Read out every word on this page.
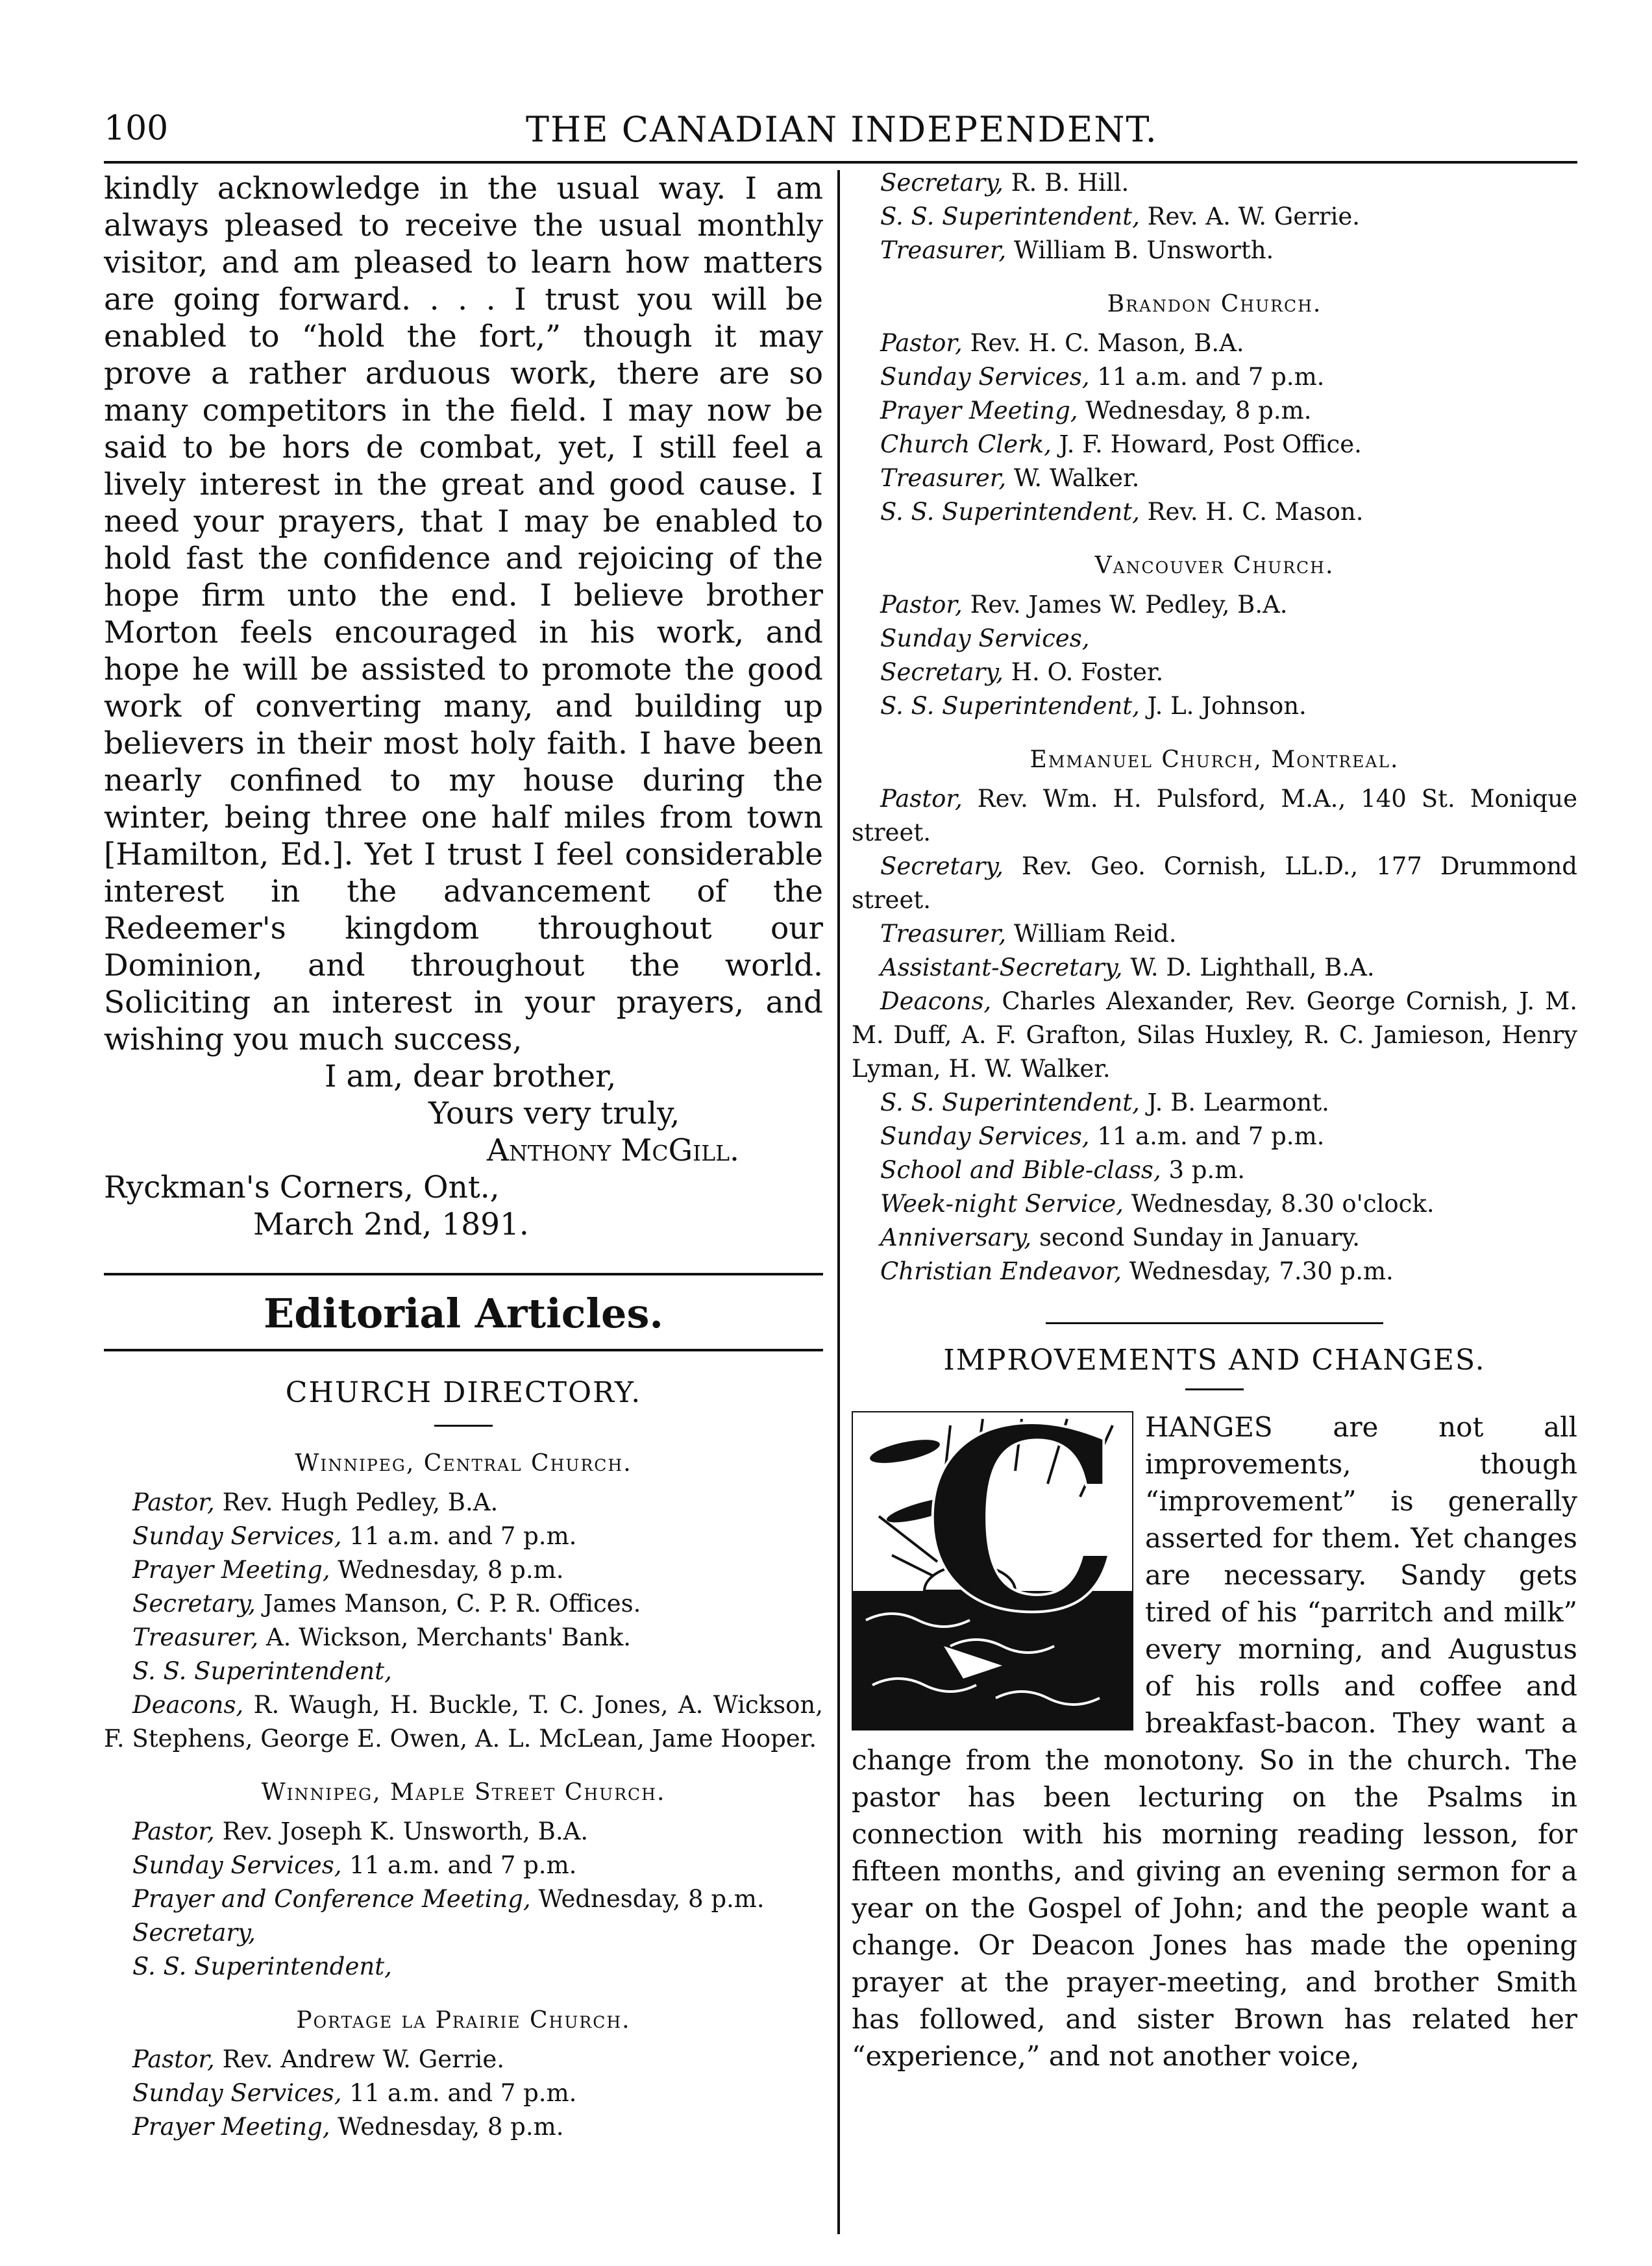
100	THE CANADIAN INDEPENDENT.

kindly acknowledge in the usual way. I am always pleased to receive the usual monthly visitor, and am pleased to learn how matters are going forward. . . . I trust you will be enabled to “hold the fort,” though it may prove a rather arduous work, there are so many competitors in the field. I may now be said to be hors de combat, yet, I still feel a lively interest in the great and good cause. I need your prayers, that I may be enabled to hold fast the confidence and rejoicing of the hope firm unto the end. I believe brother Morton feels encouraged in his work, and hope he will be assisted to promote the good work of converting many, and building up believers in their most holy faith. I have been nearly confined to my house during the winter, being three one half miles from town [Hamilton, Ed.]. Yet I trust I feel considerable interest in the advancement of the Redeemer's kingdom throughout our Dominion, and throughout the world. Soliciting an interest in your prayers, and wishing you much success,

I am, dear brother,
Yours very truly,
Anthony McGill.
Ryckman's Corners, Ont.,
March 2nd, 1891.
Editorial Articles.
CHURCH DIRECTORY.
Winnipeg, Central Church.
Pastor, Rev. Hugh Pedley, B.A.
Sunday Services, 11 a.m. and 7 p.m.
Prayer Meeting, Wednesday, 8 p.m.
Secretary, James Manson, C. P. R. Offices.
Treasurer, A. Wickson, Merchants' Bank.
S. S. Superintendent,
Deacons, R. Waugh, H. Buckle, T. C. Jones, A. Wickson, F. Stephens, George E. Owen, A. L. McLean, Jame Hooper.
Winnipeg, Maple Street Church.
Pastor, Rev. Joseph K. Unsworth, B.A.
Sunday Services, 11 a.m. and 7 p.m.
Prayer and Conference Meeting, Wednesday, 8 p.m.
Secretary,
S. S. Superintendent,
Portage la Prairie Church.
Pastor, Rev. Andrew W. Gerrie.
Sunday Services, 11 a.m. and 7 p.m.
Prayer Meeting, Wednesday, 8 p.m.
Secretary, R. B. Hill.
S. S. Superintendent, Rev. A. W. Gerrie.
Treasurer, William B. Unsworth.
Brandon Church.
Pastor, Rev. H. C. Mason, B.A.
Sunday Services, 11 a.m. and 7 p.m.
Prayer Meeting, Wednesday, 8 p.m.
Church Clerk, J. F. Howard, Post Office.
Treasurer, W. Walker.
S. S. Superintendent, Rev. H. C. Mason.
Vancouver Church.
Pastor, Rev. James W. Pedley, B.A.
Sunday Services,
Secretary, H. O. Foster.
S. S. Superintendent, J. L. Johnson.
Emmanuel Church, Montreal.
Pastor, Rev. Wm. H. Pulsford, M.A., 140 St. Monique street.
Secretary, Rev. Geo. Cornish, LL.D., 177 Drummond street.
Treasurer, William Reid.
Assistant-Secretary, W. D. Lighthall, B.A.
Deacons, Charles Alexander, Rev. George Cornish, J. M. M. Duff, A. F. Grafton, Silas Huxley, R. C. Jamieson, Henry Lyman, H. W. Walker.
S. S. Superintendent, J. B. Learmont.
Sunday Services, 11 a.m. and 7 p.m.
School and Bible-class, 3 p.m.
Week-night Service, Wednesday, 8.30 o'clock.
Anniversary, second Sunday in January.
Christian Endeavor, Wednesday, 7.30 p.m.
IMPROVEMENTS AND CHANGES.
C HANGES are not all improvements, though “improvement” is generally asserted for them. Yet changes are necessary. Sandy gets tired of his “parritch and milk” every morning, and Augustus of his rolls and coffee and breakfast-bacon. They want a change from the monotony. So in the church. The pastor has been lecturing on the Psalms in connection with his morning reading lesson, for fifteen months, and giving an evening sermon for a year on the Gospel of John; and the people want a change. Or Deacon Jones has made the opening prayer at the prayer-meeting, and brother Smith has followed, and sister Brown has related her “experience,” and not another voice,
